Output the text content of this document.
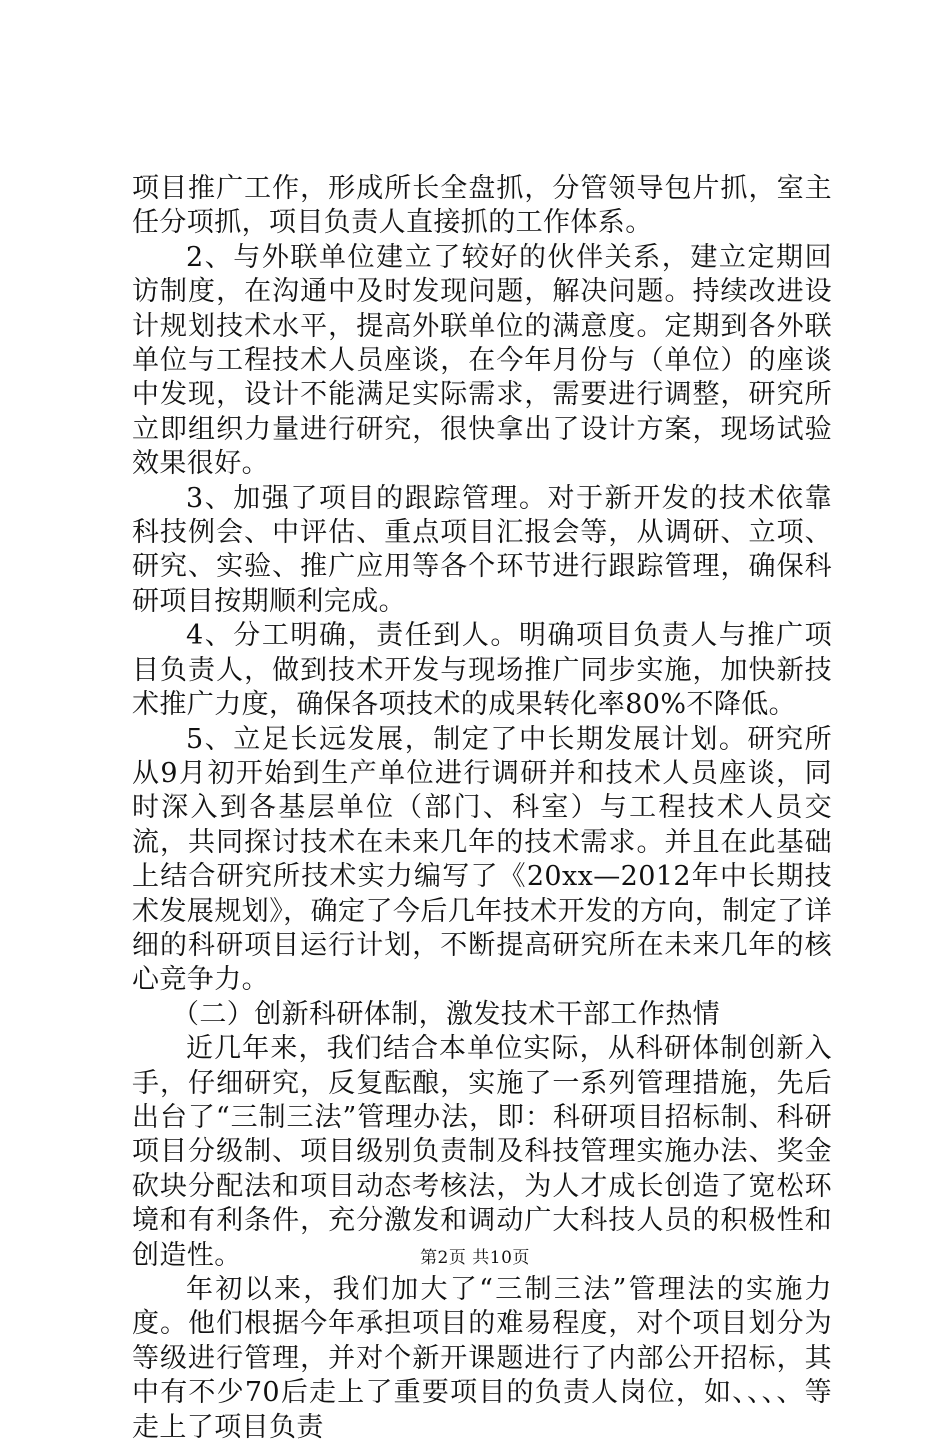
项目推广工作，形成所长全盘抓，分管领导包片抓，室主任分项抓，项目负责人直接抓的工作体系。

2、与外联单位建立了较好的伙伴关系，建立定期回访制度，在沟通中及时发现问题，解决问题。持续改进设计规划技术水平，提高外联单位的满意度。定期到各外联单位与工程技术人员座谈，在今年月份与（单位）的座谈中发现，设计不能满足实际需求，需要进行调整，研究所立即组织力量进行研究，很快拿出了设计方案，现场试验效果很好。

3、加强了项目的跟踪管理。对于新开发的技术依靠科技例会、中评估、重点项目汇报会等，从调研、立项、研究、实验、推广应用等各个环节进行跟踪管理，确保科研项目按期顺利完成。

4、分工明确，责任到人。明确项目负责人与推广项目负责人，做到技术开发与现场推广同步实施，加快新技术推广力度，确保各项技术的成果转化率80%不降低。

5、立足长远发展，制定了中长期发展计划。研究所从9月初开始到生产单位进行调研并和技术人员座谈，同时深入到各基层单位（部门、科室）与工程技术人员交流，共同探讨技术在未来几年的技术需求。并且在此基础上结合研究所技术实力编写了《20xx—2012年中长期技术发展规划》，确定了今后几年技术开发的方向，制定了详细的科研项目运行计划，不断提高研究所在未来几年的核心竞争力。

（二）创新科研体制，激发技术干部工作热情

近几年来，我们结合本单位实际，从科研体制创新入手，仔细研究，反复酝酿，实施了一系列管理措施，先后出台了“三制三法”管理办法，即：科研项目招标制、科研项目分级制、项目级别负责制及科技管理实施办法、奖金砍块分配法和项目动态考核法，为人才成长创造了宽松环境和有利条件，充分激发和调动广大科技人员的积极性和创造性。

年初以来，我们加大了“三制三法”管理法的实施力度。他们根据今年承担项目的难易程度，对个项目划分为等级进行管理，并对个新开课题进行了内部公开招标，其中有不少70后走上了重要项目的负责人岗位，如、、、、等走上了项目负责

第2页 共10页
